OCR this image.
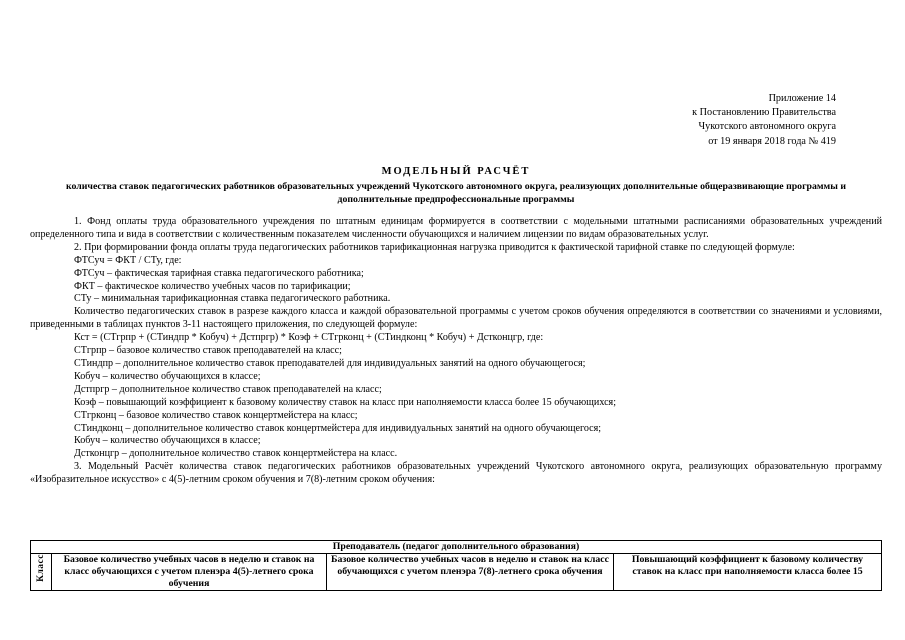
Приложение 14
к Постановлению Правительства
Чукотского автономного округа
от 19 января 2018 года № 419
МОДЕЛЬНЫЙ РАСЧЁТ
количества ставок педагогических работников образовательных учреждений Чукотского автономного округа, реализующих дополнительные общеразвивающие программы и дополнительные предпрофессиональные программы

1. Фонд оплаты труда образовательного учреждения по штатным единицам формируется в соответствии с модельными штатными расписаниями образовательных учреждений определенного типа и вида в соответствии с количественным показателем численности обучающихся и наличием лицензии по видам образовательных услуг.

2. При формировании фонда оплаты труда педагогических работников тарификационная нагрузка приводится к фактической тарифной ставке по следующей формуле:

ФТСуч = ФКТ / СТу, где:

ФТСуч – фактическая тарифная ставка педагогического работника;

ФКТ – фактическое количество учебных часов по тарификации;

СТу – минимальная тарификационная ставка педагогического работника.

Количество педагогических ставок в разрезе каждого класса и каждой образовательной программы с учетом сроков обучения определяются в соответствии со значениями и условиями, приведенными в таблицах пунктов 3-11 настоящего приложения, по следующей формуле:

Кст = (СТгрпр + (СТиндпр * Кобуч) + Дстпргр) * Коэф + СТгрконц + (СТиндконц * Кобуч) + Дстконцгр, где:

СТгрпр – базовое количество ставок преподавателей на класс;

СТиндпр – дополнительное количество ставок преподавателей для индивидуальных занятий на одного обучающегося;

Кобуч – количество обучающихся в классе;

Дстпргр – дополнительное количество ставок преподавателей на класс;

Коэф – повышающий коэффициент к базовому количеству ставок на класс при наполняемости класса более 15 обучающихся;

СТгрконц – базовое количество ставок концертмейстера на класс;

СТиндконц – дополнительное количество ставок концертмейстера для индивидуальных занятий на одного обучающегося;

Кобуч – количество обучающихся в классе;

Дстконцгр – дополнительное количество ставок концертмейстера на класс.

3. Модельный Расчёт количества ставок педагогических работников образовательных учреждений Чукотского автономного округа, реализующих образовательную программу «Изобразительное искусство» с 4(5)-летним сроком обучения и 7(8)-летним сроком обучения:

Преподаватель (педагог дополнительного образования)

Класс	Базовое количество учебных часов в неделю и ставок на класс обучающихся с учетом пленэра 4(5)-летнего срока обучения	Базовое количество учебных часов в неделю и ставок на класс обучающихся с учетом пленэра 7(8)-летнего срока обучения	Повышающий коэффициент к базовому количеству ставок на класс при наполняемости класса более 15
